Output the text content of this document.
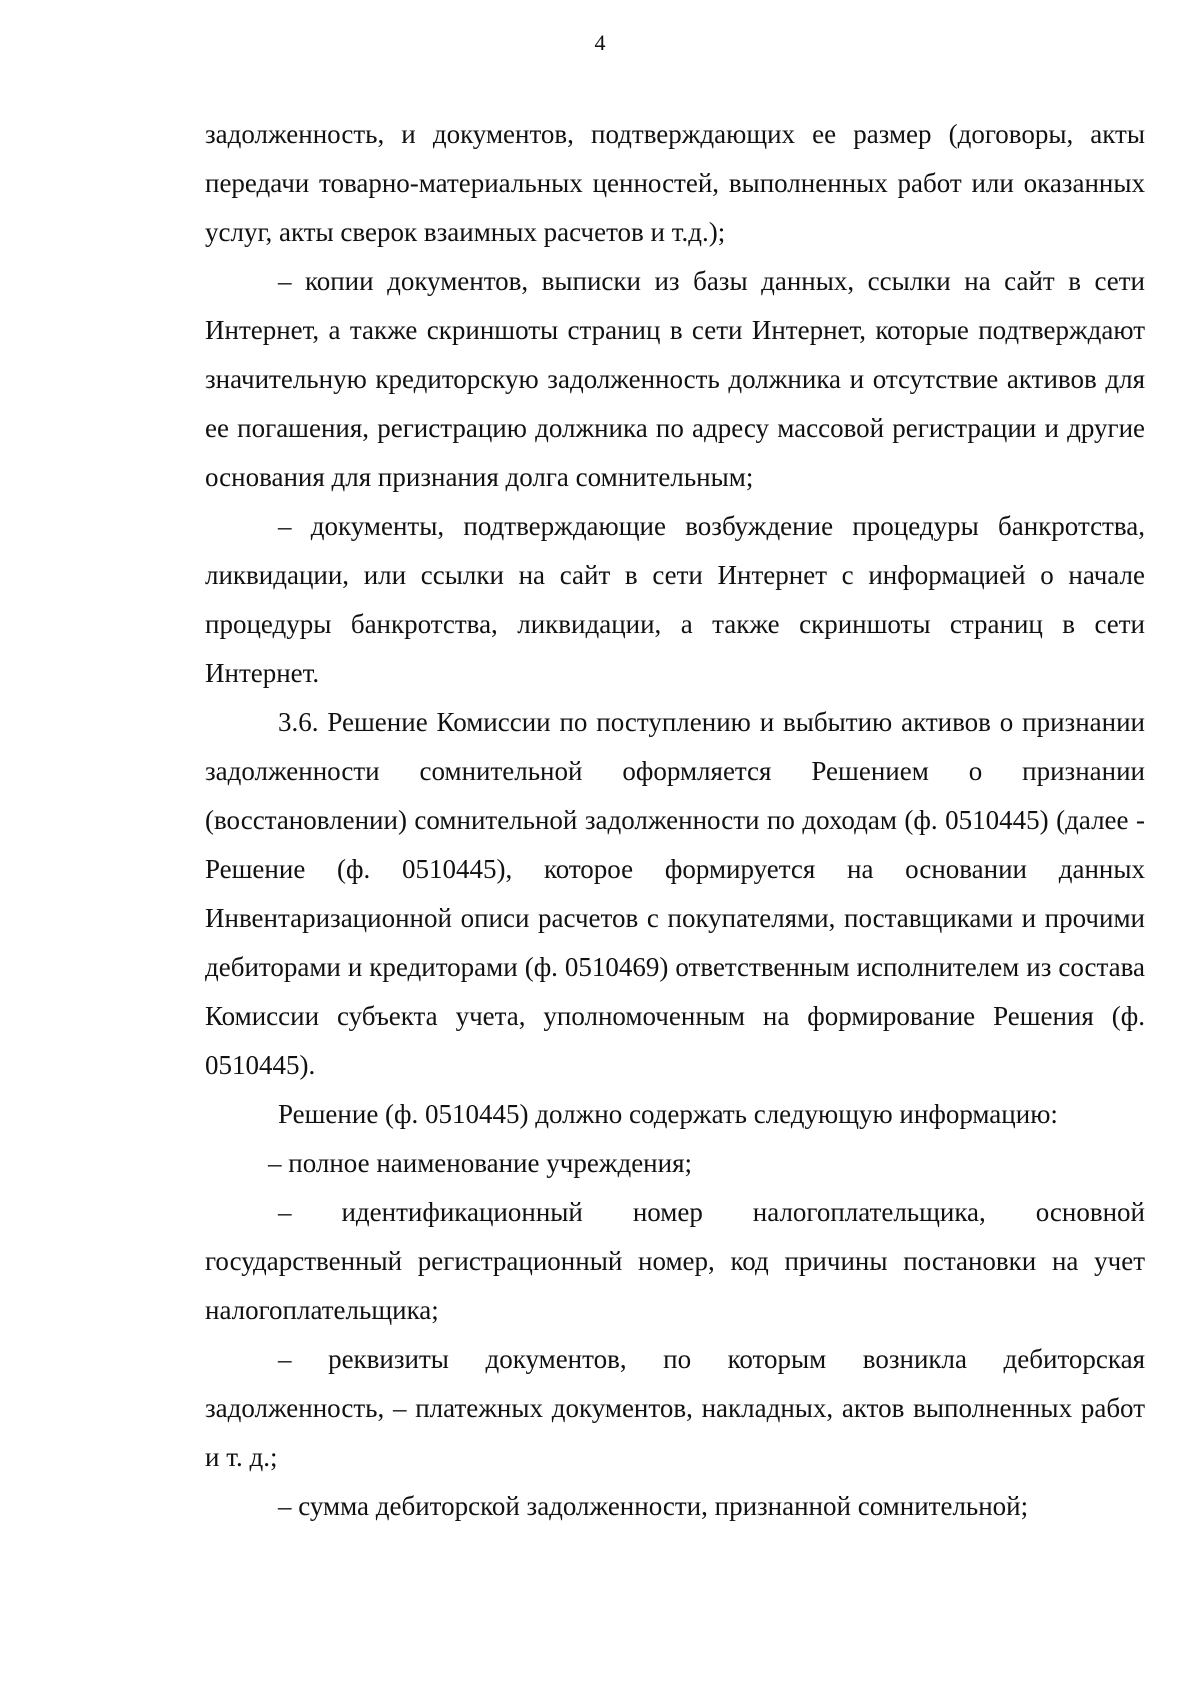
4

задолженность, и документов, подтверждающих ее размер (договоры, акты передачи товарно-материальных ценностей, выполненных работ или оказанных услуг, акты сверок взаимных расчетов и т.д.);

– копии документов, выписки из базы данных, ссылки на сайт в сети Интернет, а также скриншоты страниц в сети Интернет, которые подтверждают значительную кредиторскую задолженность должника и отсутствие активов для ее погашения, регистрацию должника по адресу массовой регистрации и другие основания для признания долга сомнительным;

– документы, подтверждающие возбуждение процедуры банкротства, ликвидации, или ссылки на сайт в сети Интернет с информацией о начале процедуры банкротства, ликвидации, а также скриншоты страниц в сети Интернет.

3.6. Решение Комиссии по поступлению и выбытию активов о признании задолженности сомнительной оформляется Решением о признании (восстановлении) сомнительной задолженности по доходам (ф. 0510445) (далее - Решение (ф. 0510445), которое формируется на основании данных Инвентаризационной описи расчетов с покупателями, поставщиками и прочими дебиторами и кредиторами (ф. 0510469) ответственным исполнителем из состава Комиссии субъекта учета, уполномоченным на формирование Решения (ф. 0510445).

Решение (ф. 0510445) должно содержать следующую информацию:

– полное наименование учреждения;

– идентификационный номер налогоплательщика, основной государственный регистрационный номер, код причины постановки на учет налогоплательщика;

– реквизиты документов, по которым возникла дебиторская задолженность, – платежных документов, накладных, актов выполненных работ и т. д.;

– сумма дебиторской задолженности, признанной сомнительной;
